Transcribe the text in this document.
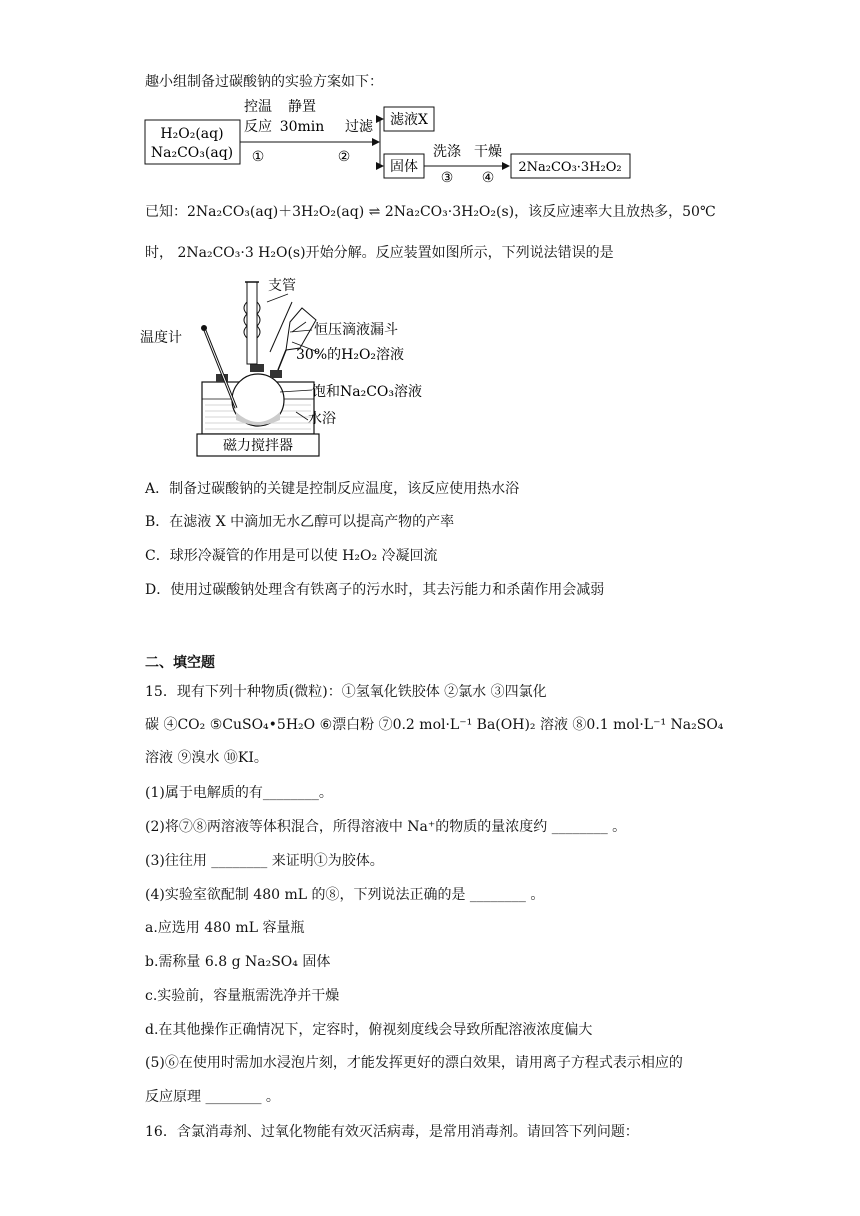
趣小组制备过碳酸钠的实验方案如下：
H₂O₂(aq)
Na₂CO₃(aq)
控温
反应
①
静置
30min
②
过滤 滤液X
固体
洗涤
③
干燥
④
2Na₂CO₃·3H₂O₂
已知：2Na₂CO₃(aq)＋3H₂O₂(aq) ⇌ 2Na₂CO₃·3H₂O₂(s)，该反应速率大且放热多，50℃
时， 2Na₂CO₃·3 H₂O(s)开始分解。反应装置如图所示，下列说法错误的是
支管
温度计	恒压滴液漏斗
30%的H₂O₂溶液
饱和Na₂CO₃溶液
水浴
磁力搅拌器
A．制备过碳酸钠的关键是控制反应温度，该反应使用热水浴
B．在滤液 X 中滴加无水乙醇可以提高产物的产率
C．球形冷凝管的作用是可以使 H₂O₂ 冷凝回流
D．使用过碳酸钠处理含有铁离子的污水时，其去污能力和杀菌作用会减弱
二、填空题
15．现有下列十种物质(微粒)：①氢氧化铁胶体 ②氯水 ③四氯化
碳 ④CO₂ ⑤CuSO₄•5H₂O ⑥漂白粉 ⑦0.2 mol·L⁻¹ Ba(OH)₂ 溶液 ⑧0.1 mol·L⁻¹ Na₂SO₄
溶液 ⑨溴水 ⑩KI。
(1)属于电解质的有________。
(2)将⑦⑧两溶液等体积混合，所得溶液中 Na⁺的物质的量浓度约 ________ 。
(3)往往用 ________ 来证明①为胶体。
(4)实验室欲配制 480 mL 的⑧，下列说法正确的是 ________ 。
a.应选用 480 mL 容量瓶
b.需称量 6.8 g Na₂SO₄ 固体
c.实验前，容量瓶需洗净并干燥
d.在其他操作正确情况下，定容时，俯视刻度线会导致所配溶液浓度偏大
(5)⑥在使用时需加水浸泡片刻，才能发挥更好的漂白效果，请用离子方程式表示相应的
反应原理 ________ 。
16．含氯消毒剂、过氧化物能有效灭活病毒，是常用消毒剂。请回答下列问题：
